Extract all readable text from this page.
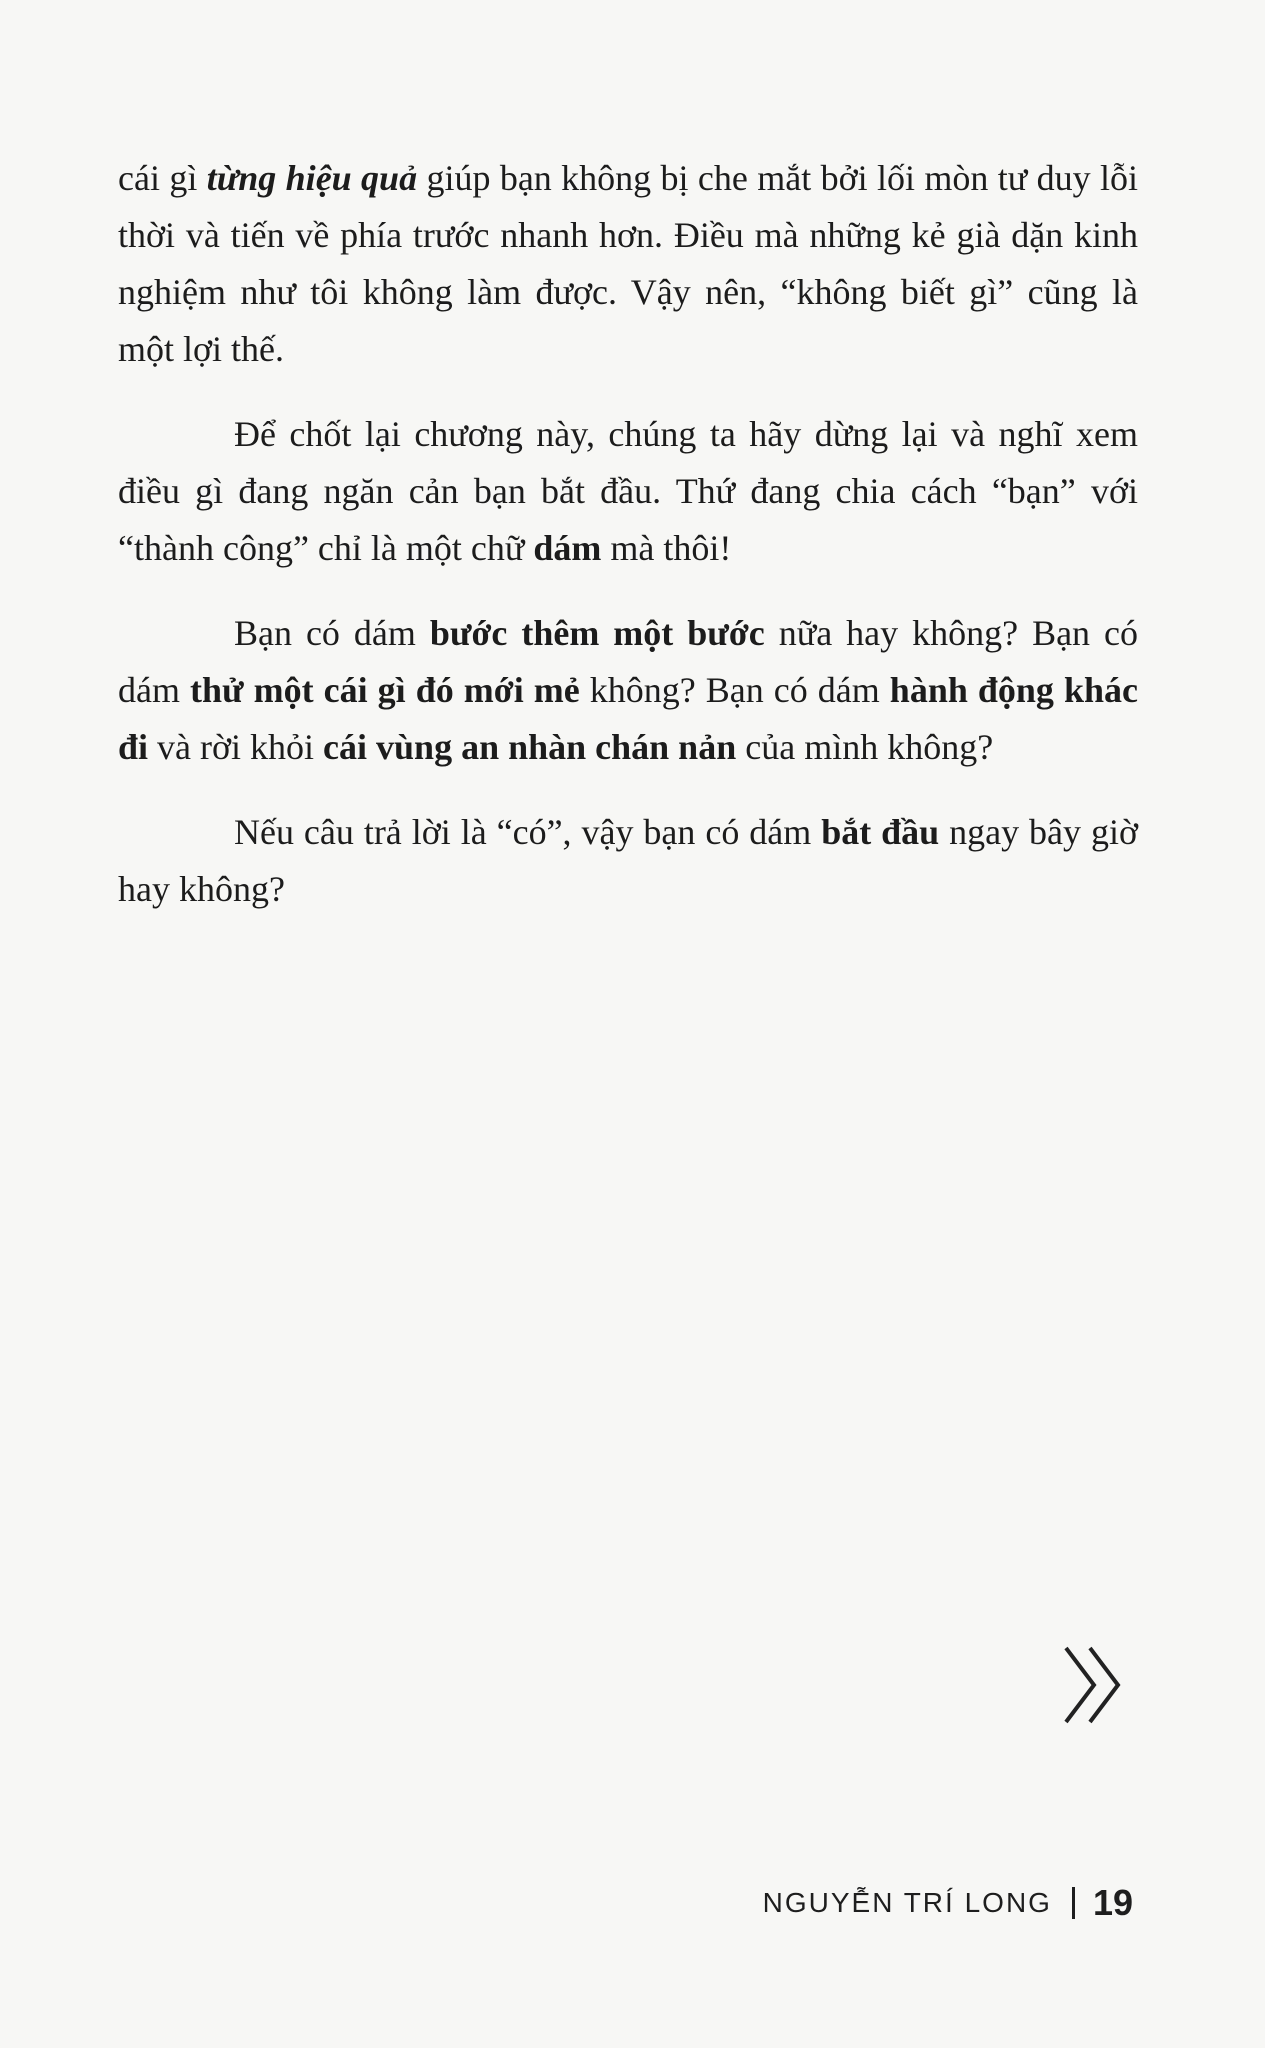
cái gì từng hiệu quả giúp bạn không bị che mắt bởi lối mòn tư duy lỗi thời và tiến về phía trước nhanh hơn. Điều mà những kẻ già dặn kinh nghiệm như tôi không làm được. Vậy nên, “không biết gì” cũng là một lợi thế.

Để chốt lại chương này, chúng ta hãy dừng lại và nghĩ xem điều gì đang ngăn cản bạn bắt đầu. Thứ đang chia cách “bạn” với “thành công” chỉ là một chữ dám mà thôi!

Bạn có dám bước thêm một bước nữa hay không? Bạn có dám thử một cái gì đó mới mẻ không? Bạn có dám hành động khác đi và rời khỏi cái vùng an nhàn chán nản của mình không?

Nếu câu trả lời là “có”, vậy bạn có dám bắt đầu ngay bây giờ hay không?

NGUYỄN TRÍ LONG 19
